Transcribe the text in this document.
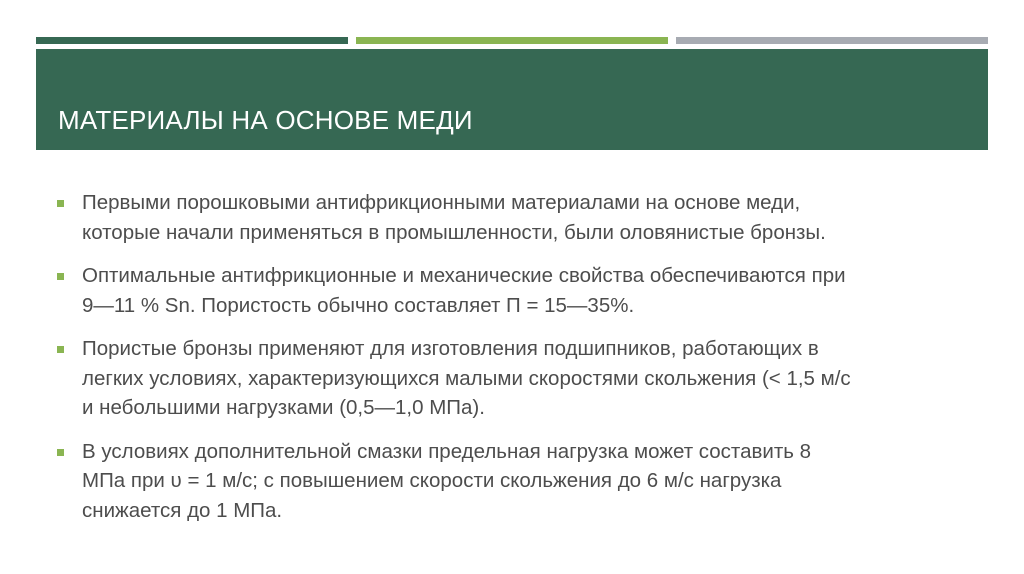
МАТЕРИАЛЫ НА ОСНОВЕ МЕДИ
Первыми порошковыми антифрикционными материалами на основе меди,
которые начали применяться в промышленности, были оловянистые бронзы.
Оптимальные антифрикционные и механические свойства обеспечиваются при
9—11 % Sn. Пористость обычно составляет П = 15—35%.
Пористые бронзы применяют для изготовления подшипников, работающих в
легких условиях, характеризующихся малыми скоростями скольжения (< 1,5 м/с
и небольшими нагрузками (0,5—1,0 МПа).
В условиях дополнительной смазки предельная нагрузка может составить 8
МПа при υ = 1 м/с; с повышением скорости скольжения до 6 м/с нагрузка
снижается до 1 МПа.
